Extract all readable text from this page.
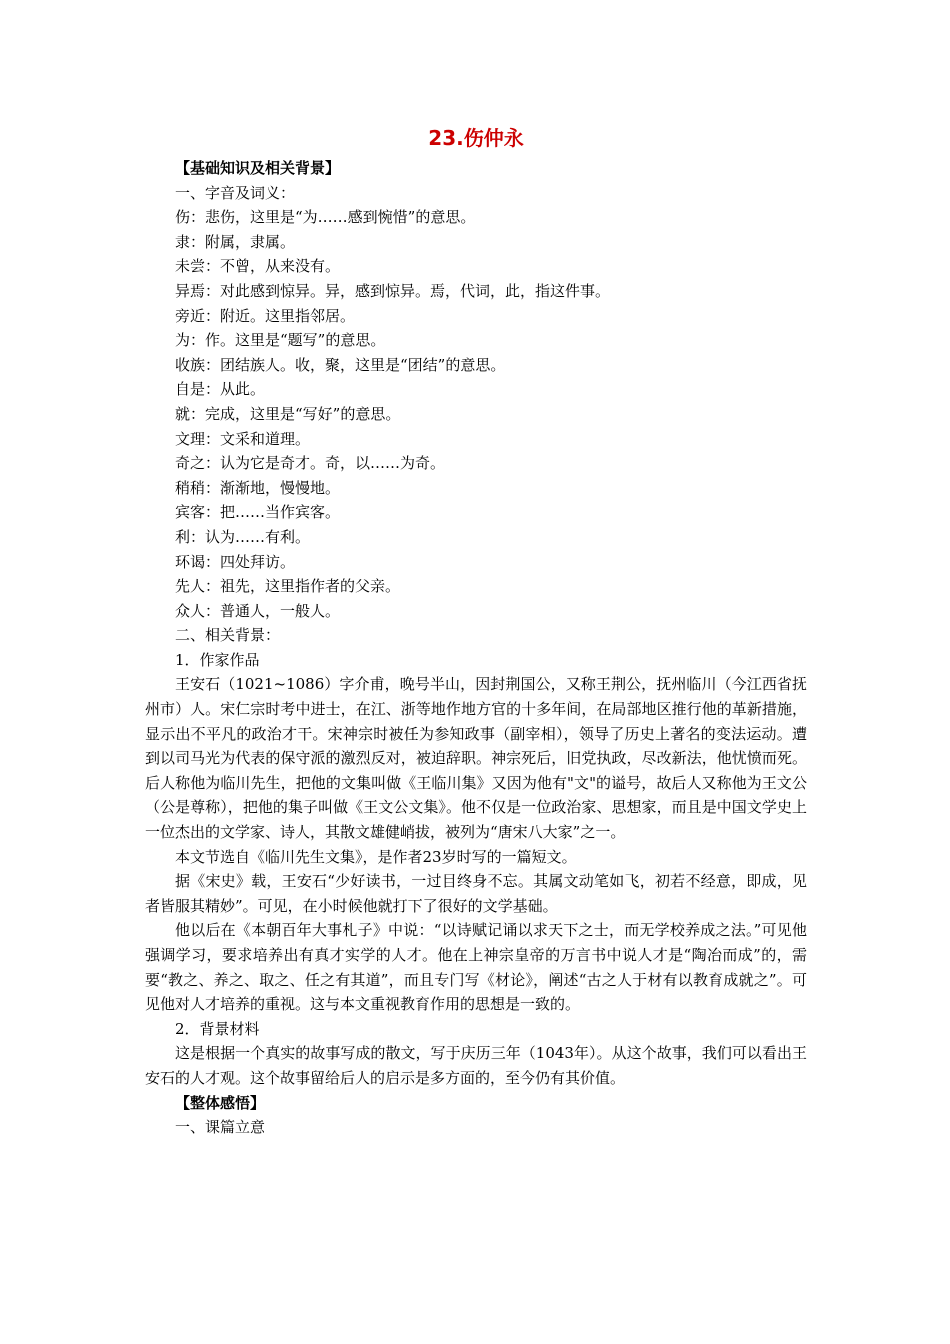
23.伤仲永
【基础知识及相关背景】
一、字音及词义：
伤：悲伤，这里是“为……感到惋惜”的意思。
隶：附属，隶属。
未尝：不曾，从来没有。
异焉：对此感到惊异。异，感到惊异。焉，代词，此，指这件事。
旁近：附近。这里指邻居。
为：作。这里是“题写”的意思。
收族：团结族人。收，聚，这里是“团结”的意思。
自是：从此。
就：完成，这里是“写好”的意思。
文理：文采和道理。
奇之：认为它是奇才。奇，以……为奇。
稍稍：渐渐地，慢慢地。
宾客：把……当作宾客。
利：认为……有利。
环谒：四处拜访。
先人：祖先，这里指作者的父亲。
众人：普通人，一般人。
二、相关背景：
1．作家作品

王安石（1021~1086）字介甫，晚号半山，因封荆国公，又称王荆公，抚州临川（今江西省抚州市）人。宋仁宗时考中进士，在江、浙等地作地方官的十多年间，在局部地区推行他的革新措施，显示出不平凡的政治才干。宋神宗时被任为参知政事（副宰相），领导了历史上著名的变法运动。遭到以司马光为代表的保守派的激烈反对，被迫辞职。神宗死后，旧党执政，尽改新法，他忧愤而死。后人称他为临川先生，把他的文集叫做《王临川集》又因为他有"文"的谥号，故后人又称他为王文公（公是尊称），把他的集子叫做《王文公文集》。他不仅是一位政治家、思想家，而且是中国文学史上一位杰出的文学家、诗人，其散文雄健峭拔，被列为“唐宋八大家”之一。

本文节选自《临川先生文集》，是作者23岁时写的一篇短文。

据《宋史》载，王安石“少好读书，一过目终身不忘。其属文动笔如飞，初若不经意，即成，见者皆服其精妙”。可见，在小时候他就打下了很好的文学基础。

他以后在《本朝百年大事札子》中说：“以诗赋记诵以求天下之士，而无学校养成之法。”可见他强调学习，要求培养出有真才实学的人才。他在上神宗皇帝的万言书中说人才是“陶冶而成”的，需要“教之、养之、取之、任之有其道”，而且专门写《材论》，阐述“古之人于材有以教育成就之”。可见他对人才培养的重视。这与本文重视教育作用的思想是一致的。

2．背景材料

这是根据一个真实的故事写成的散文，写于庆历三年（1043年）。从这个故事，我们可以看出王安石的人才观。这个故事留给后人的启示是多方面的，至今仍有其价值。

【整体感悟】
一、课篇立意
